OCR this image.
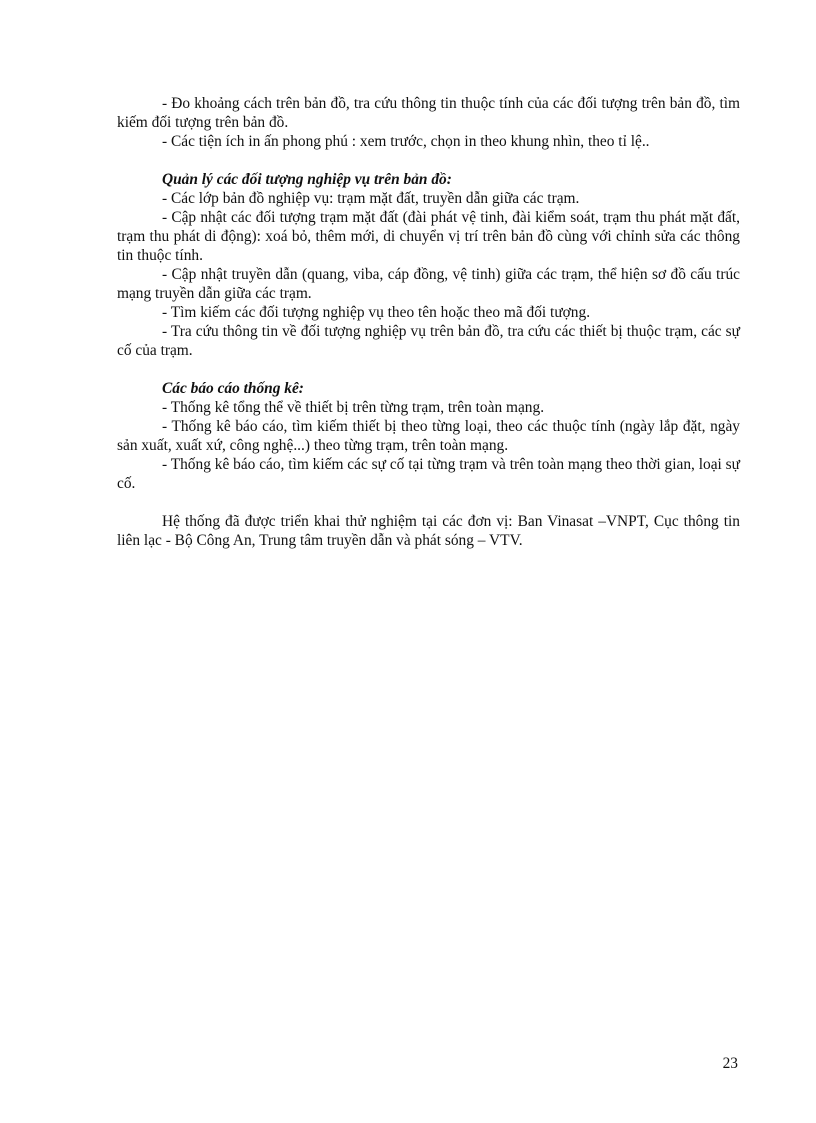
- Đo khoảng cách trên bản đồ, tra cứu thông tin thuộc tính của các đối tượng trên bản đồ, tìm kiếm đối tượng trên bản đồ.

- Các tiện ích in ấn phong phú : xem trước, chọn in theo khung nhìn, theo tỉ lệ..

Quản lý các đối tượng nghiệp vụ trên bản đồ:

- Các lớp bản đồ nghiệp vụ: trạm mặt đất, truyền dẫn giữa các trạm.

- Cập nhật các đối tượng trạm mặt đất (đài phát vệ tinh, đài kiểm soát, trạm thu phát mặt đất, trạm thu phát di động): xoá bỏ, thêm mới, di chuyển vị trí trên bản đồ cùng với chỉnh sửa các thông tin thuộc tính.

- Cập nhật truyền dẫn (quang, viba, cáp đồng, vệ tinh) giữa các trạm, thể hiện sơ đồ cấu trúc mạng truyền dẫn giữa các trạm.

- Tìm kiếm các đối tượng nghiệp vụ theo tên hoặc theo mã đối tượng.

- Tra cứu thông tin về đối tượng nghiệp vụ trên bản đồ, tra cứu các thiết bị thuộc trạm, các sự cố của trạm.

Các báo cáo thống kê:

- Thống kê tổng thể về thiết bị trên từng trạm, trên toàn mạng.

- Thống kê báo cáo, tìm kiếm thiết bị theo từng loại, theo các thuộc tính (ngày lắp đặt, ngày sản xuất, xuất xứ, công nghệ...) theo từng trạm, trên toàn mạng.

- Thống kê báo cáo, tìm kiếm các sự cố tại từng trạm và trên toàn mạng theo thời gian, loại sự cố.

Hệ thống đã được triển khai thử nghiệm tại các đơn vị: Ban Vinasat –VNPT, Cục thông tin liên lạc - Bộ Công An, Trung tâm truyền dẫn và phát sóng – VTV.

23
